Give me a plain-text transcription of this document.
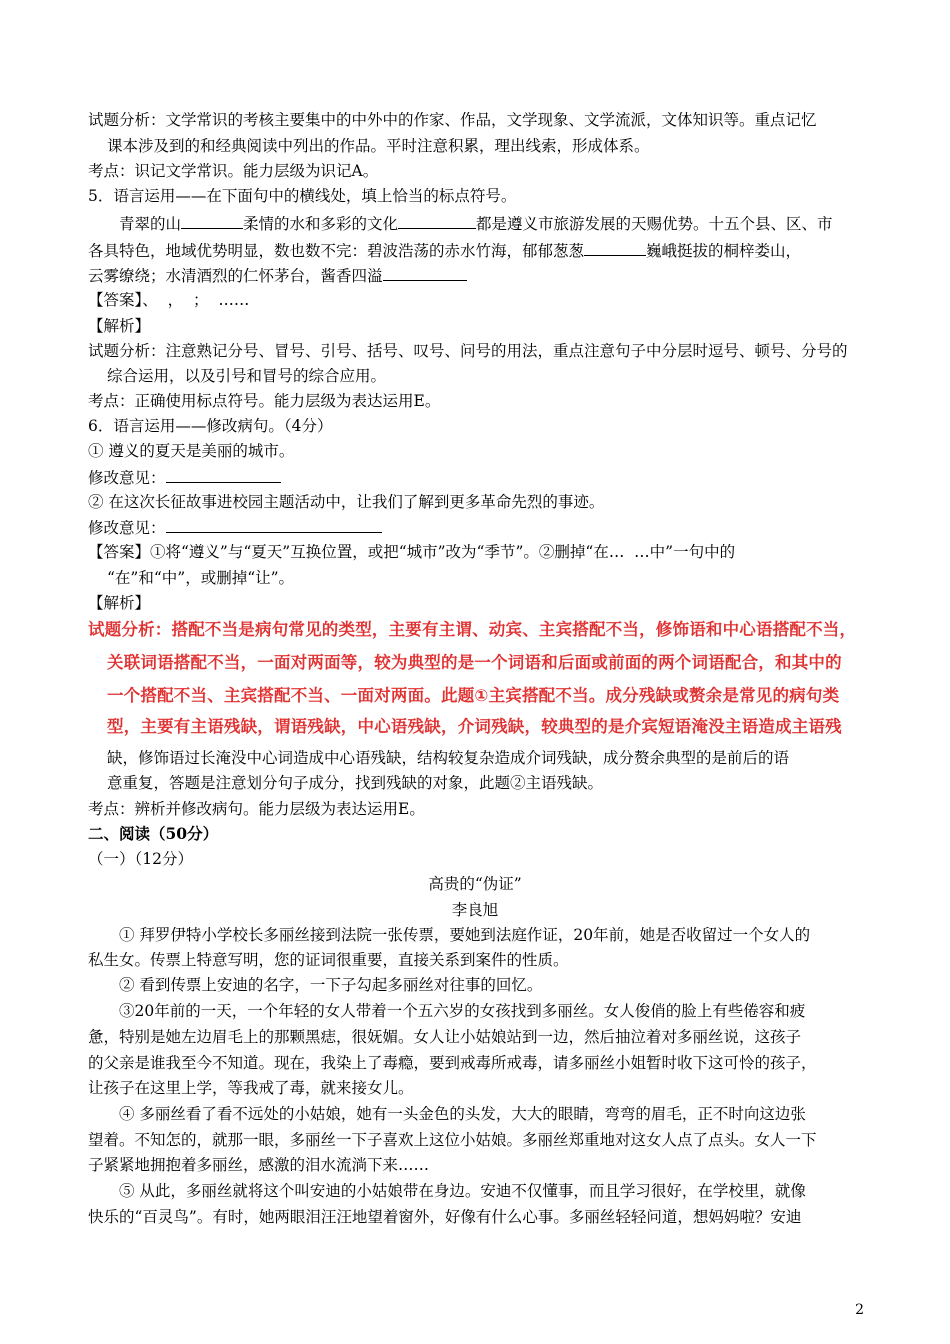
试题分析：文学常识的考核主要集中的中外中的作家、作品，文学现象、文学流派，文体知识等。重点记忆
课本涉及到的和经典阅读中列出的作品。平时注意积累，理出线索，形成体系。
考点：识记文学常识。能力层级为识记A。
5．语言运用——在下面句中的横线处，填上恰当的标点符号。
青翠的山	柔情的水和多彩的文化	都是遵义市旅游发展的天赐优势。十五个县、区、市
各具特色，地域优势明显，数也数不完：碧波浩荡的赤水竹海，郁郁葱葱	巍峨挺拔的桐梓娄山，
云雾缭绕；水清酒烈的仁怀茅台，酱香四溢
【答案】、  ，  ；  ……
【解析】
试题分析：注意熟记分号、冒号、引号、括号、叹号、问号的用法，重点注意句子中分层时逗号、顿号、分号的
综合运用，以及引号和冒号的综合应用。
考点：正确使用标点符号。能力层级为表达运用E。
6．语言运用——修改病句。（4分）
① 遵义的夏天是美丽的城市。
修改意见：
② 在这次长征故事进校园主题活动中，让我们了解到更多革命先烈的事迹。
修改意见：
【答案】①将“遵义”与“夏天”互换位置，或把“城市”改为“季节”。②删掉“在…  …中”一句中的
“在”和“中”，或删掉“让”。
【解析】
试题分析：搭配不当是病句常见的类型，主要有主谓、动宾、主宾搭配不当，修饰语和中心语搭配不当，
关联词语搭配不当，一面对两面等，较为典型的是一个词语和后面或前面的两个词语配合，和其中的
一个搭配不当、主宾搭配不当、一面对两面。此题①主宾搭配不当。成分残缺或赘余是常见的病句类
型，主要有主语残缺，谓语残缺，中心语残缺，介词残缺，较典型的是介宾短语淹没主语造成主语残
缺，修饰语过长淹没中心词造成中心语残缺，结构较复杂造成介词残缺，成分赘余典型的是前后的语
意重复，答题是注意划分句子成分，找到残缺的对象，此题②主语残缺。
考点：辨析并修改病句。能力层级为表达运用E。
二、阅读（50分）
（一）（12分）
高贵的“伪证”
李良旭
① 拜罗伊特小学校长多丽丝接到法院一张传票，要她到法庭作证，20年前，她是否收留过一个女人的
私生女。传票上特意写明，您的证词很重要，直接关系到案件的性质。
② 看到传票上安迪的名字，一下子勾起多丽丝对往事的回忆。
③20年前的一天，一个年轻的女人带着一个五六岁的女孩找到多丽丝。女人俊俏的脸上有些倦容和疲
惫，特别是她左边眉毛上的那颗黑痣，很妩媚。女人让小姑娘站到一边，然后抽泣着对多丽丝说，这孩子
的父亲是谁我至今不知道。现在，我染上了毒瘾，要到戒毒所戒毒，请多丽丝小姐暂时收下这可怜的孩子，
让孩子在这里上学，等我戒了毒，就来接女儿。
④ 多丽丝看了看不远处的小姑娘，她有一头金色的头发，大大的眼睛，弯弯的眉毛，正不时向这边张
望着。不知怎的，就那一眼，多丽丝一下子喜欢上这位小姑娘。多丽丝郑重地对这女人点了点头。女人一下
子紧紧地拥抱着多丽丝，感激的泪水流淌下来……
⑤ 从此，多丽丝就将这个叫安迪的小姑娘带在身边。安迪不仅懂事，而且学习很好，在学校里，就像
快乐的“百灵鸟”。有时，她两眼泪汪汪地望着窗外，好像有什么心事。多丽丝轻轻问道，想妈妈啦？安迪
2
